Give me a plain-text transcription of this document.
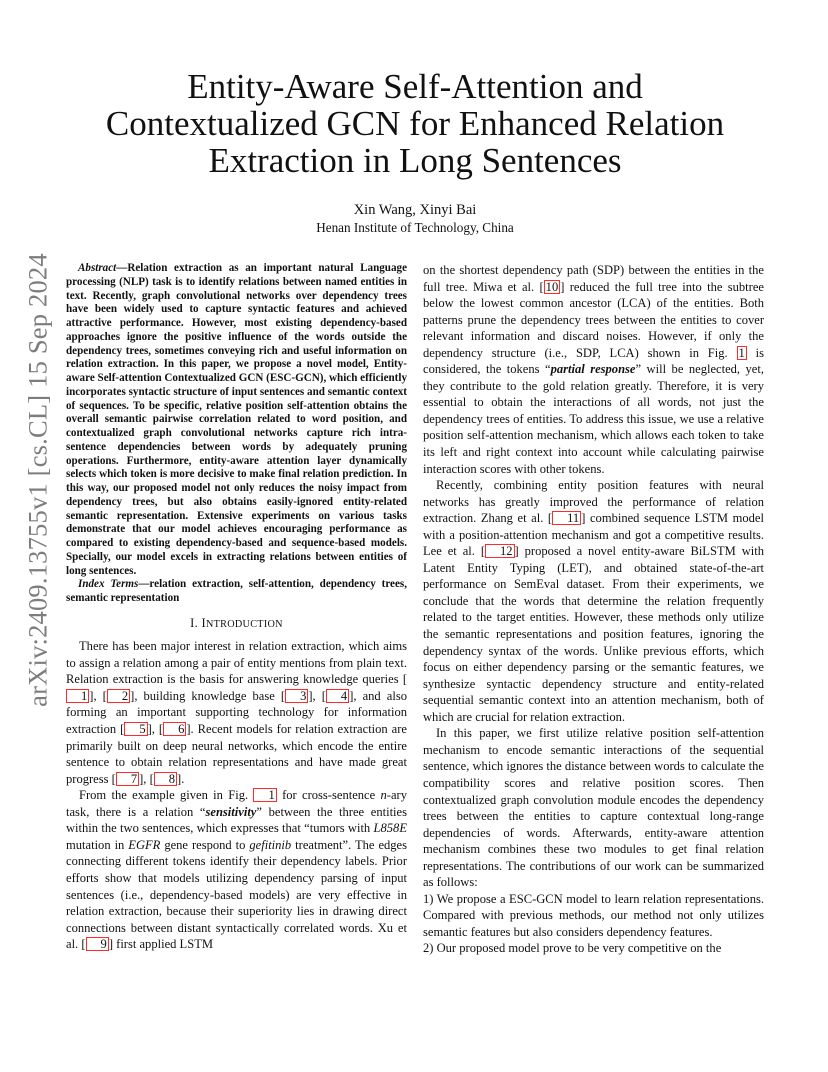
arXiv:2409.13755v1 [cs.CL] 15 Sep 2024
Entity-Aware Self-Attention and Contextualized GCN for Enhanced Relation Extraction in Long Sentences
Xin Wang, Xinyi Bai
Henan Institute of Technology, China

Abstract—Relation extraction as an important natural Language processing (NLP) task is to identify relations between named entities in text. Recently, graph convolutional networks over dependency trees have been widely used to capture syntactic features and achieved attractive performance. However, most existing dependency-based approaches ignore the positive influence of the words outside the dependency trees, sometimes conveying rich and useful information on relation extraction. In this paper, we propose a novel model, Entity-aware Self-attention Contextualized GCN (ESC-GCN), which efficiently incorporates syntactic structure of input sentences and semantic context of sequences. To be specific, relative position self-attention obtains the overall semantic pairwise correlation related to word position, and contextualized graph convolutional networks capture rich intra-sentence dependencies between words by adequately pruning operations. Furthermore, entity-aware attention layer dynamically selects which token is more decisive to make final relation prediction. In this way, our proposed model not only reduces the noisy impact from dependency trees, but also obtains easily-ignored entity-related semantic representation. Extensive experiments on various tasks demonstrate that our model achieves encouraging performance as compared to existing dependency-based and sequence-based models. Specially, our model excels in extracting relations between entities of long sentences.

Index Terms—relation extraction, self-attention, dependency trees, semantic representation

I. INTRODUCTION

There has been major interest in relation extraction, which aims to assign a relation among a pair of entity mentions from plain text. Relation extraction is the basis for answering knowledge queries [1 ], [ 2 ], building knowledge base [ 3 ], [ 4 ], and also forming an important supporting technology for information extraction [ 5 ], [ 6 ]. Recent models for relation extraction are primarily built on deep neural networks, which encode the entire sentence to obtain relation representations and have made great progress [ 7 ], [ 8 ].

From the example given in Fig. 1 for cross-sentence n-ary task, there is a relation “sensitivity” between the three entities within the two sentences, which expresses that “tumors with L858E mutation in EGFR gene respond to gefitinib treatment”. The edges connecting different tokens identify their dependency labels. Prior efforts show that models utilizing dependency parsing of input sentences (i.e., dependency-based models) are very effective in relation extraction, because their superiority lies in drawing direct connections between distant syntactically correlated words. Xu et al. [ 9 ] first applied LSTM

on the shortest dependency path (SDP) between the entities in the full tree. Miwa et al. [ 10 ] reduced the full tree into the subtree below the lowest common ancestor (LCA) of the entities. Both patterns prune the dependency trees between the entities to cover relevant information and discard noises. However, if only the dependency structure (i.e., SDP, LCA) shown in Fig. 1 is considered, the tokens “partial response” will be neglected, yet, they contribute to the gold relation greatly. Therefore, it is very essential to obtain the interactions of all words, not just the dependency trees of entities. To address this issue, we use a relative position self-attention mechanism, which allows each token to take its left and right context into account while calculating pairwise interaction scores with other tokens.

Recently, combining entity position features with neural networks has greatly improved the performance of relation extraction. Zhang et al. [ 11 ] combined sequence LSTM model with a position-attention mechanism and got a competitive results. Lee et al. [ 12 ] proposed a novel entity-aware BiLSTM with Latent Entity Typing (LET), and obtained state-of-the-art performance on SemEval dataset. From their experiments, we conclude that the words that determine the relation frequently related to the target entities. However, these methods only utilize the semantic representations and position features, ignoring the dependency syntax of the words. Unlike previous efforts, which focus on either dependency parsing or the semantic features, we synthesize syntactic dependency structure and entity-related sequential semantic context into an attention mechanism, both of which are crucial for relation extraction.

In this paper, we first utilize relative position self-attention mechanism to encode semantic interactions of the sequential sentence, which ignores the distance between words to calculate the compatibility scores and relative position scores. Then contextualized graph convolution module encodes the dependency trees between the entities to capture contextual long-range dependencies of words. Afterwards, entity-aware attention mechanism combines these two modules to get final relation representations. The contributions of our work can be summarized as follows:

1) We propose a ESC-GCN model to learn relation representations. Compared with previous methods, our method not only utilizes semantic features but also considers dependency features.

2) Our proposed model prove to be very competitive on the
